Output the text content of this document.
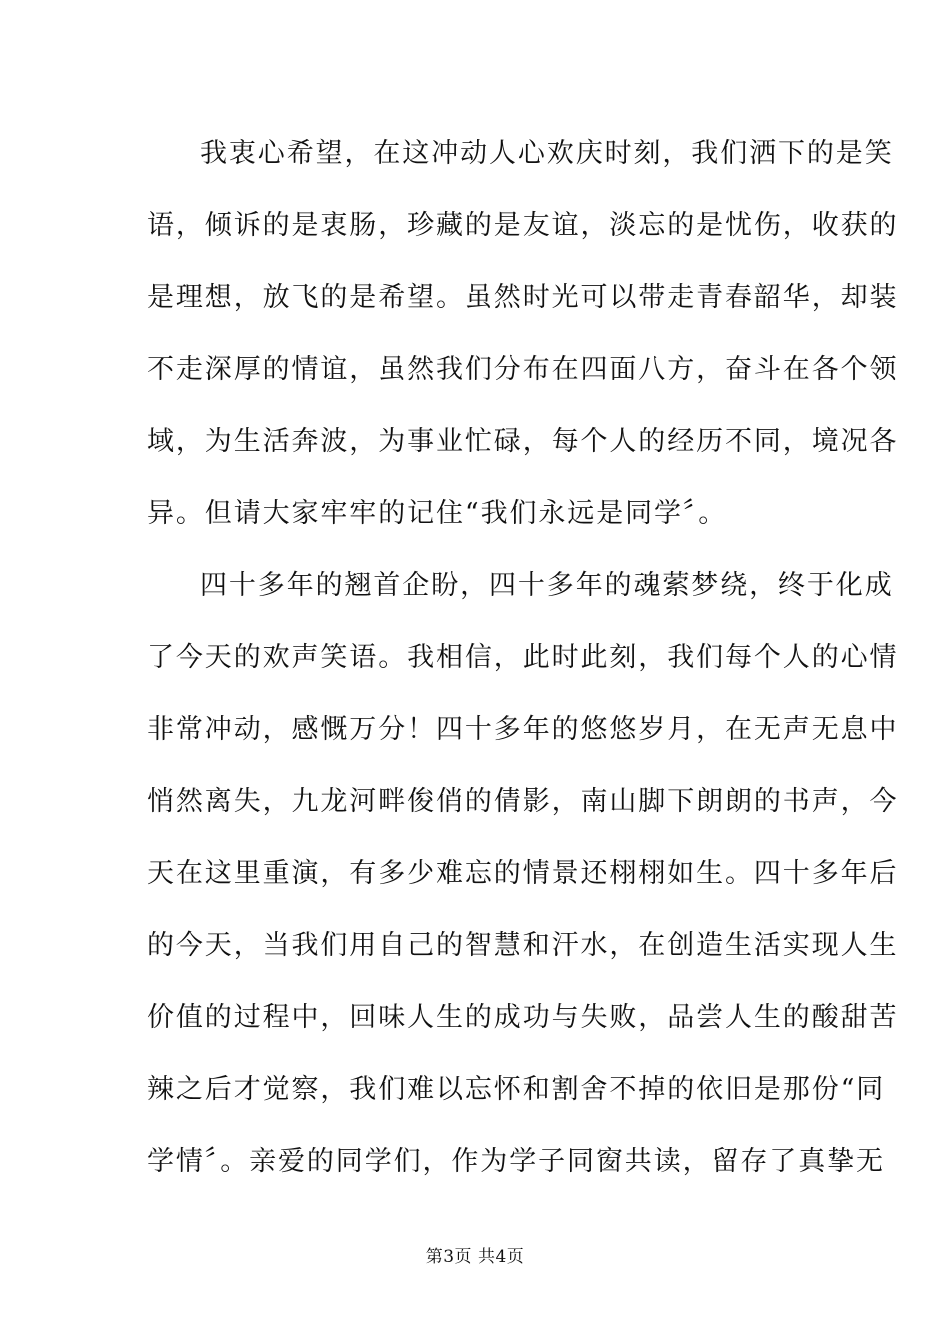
我衷心希望，在这冲动人心欢庆时刻，我们洒下的是笑
语，倾诉的是衷肠，珍藏的是友谊，淡忘的是忧伤，收获的
是理想，放飞的是希望。虽然时光可以带走青春韶华，却装
不走深厚的情谊，虽然我们分布在四面八方，奋斗在各个领
域，为生活奔波，为事业忙碌，每个人的经历不同，境况各
异。但请大家牢牢的记住“我们永远是同学〞。
四十多年的翘首企盼，四十多年的魂萦梦绕，终于化成
了今天的欢声笑语。我相信，此时此刻，我们每个人的心情
非常冲动，感慨万分！四十多年的悠悠岁月，在无声无息中
悄然离失，九龙河畔俊俏的倩影，南山脚下朗朗的书声，今
天在这里重演，有多少难忘的情景还栩栩如生。四十多年后
的今天，当我们用自己的智慧和汗水，在创造生活实现人生
价值的过程中，回味人生的成功与失败，品尝人生的酸甜苦
辣之后才觉察，我们难以忘怀和割舍不掉的依旧是那份“同
学情〞。亲爱的同学们，作为学子同窗共读，留存了真挚无
第3页 共4页
